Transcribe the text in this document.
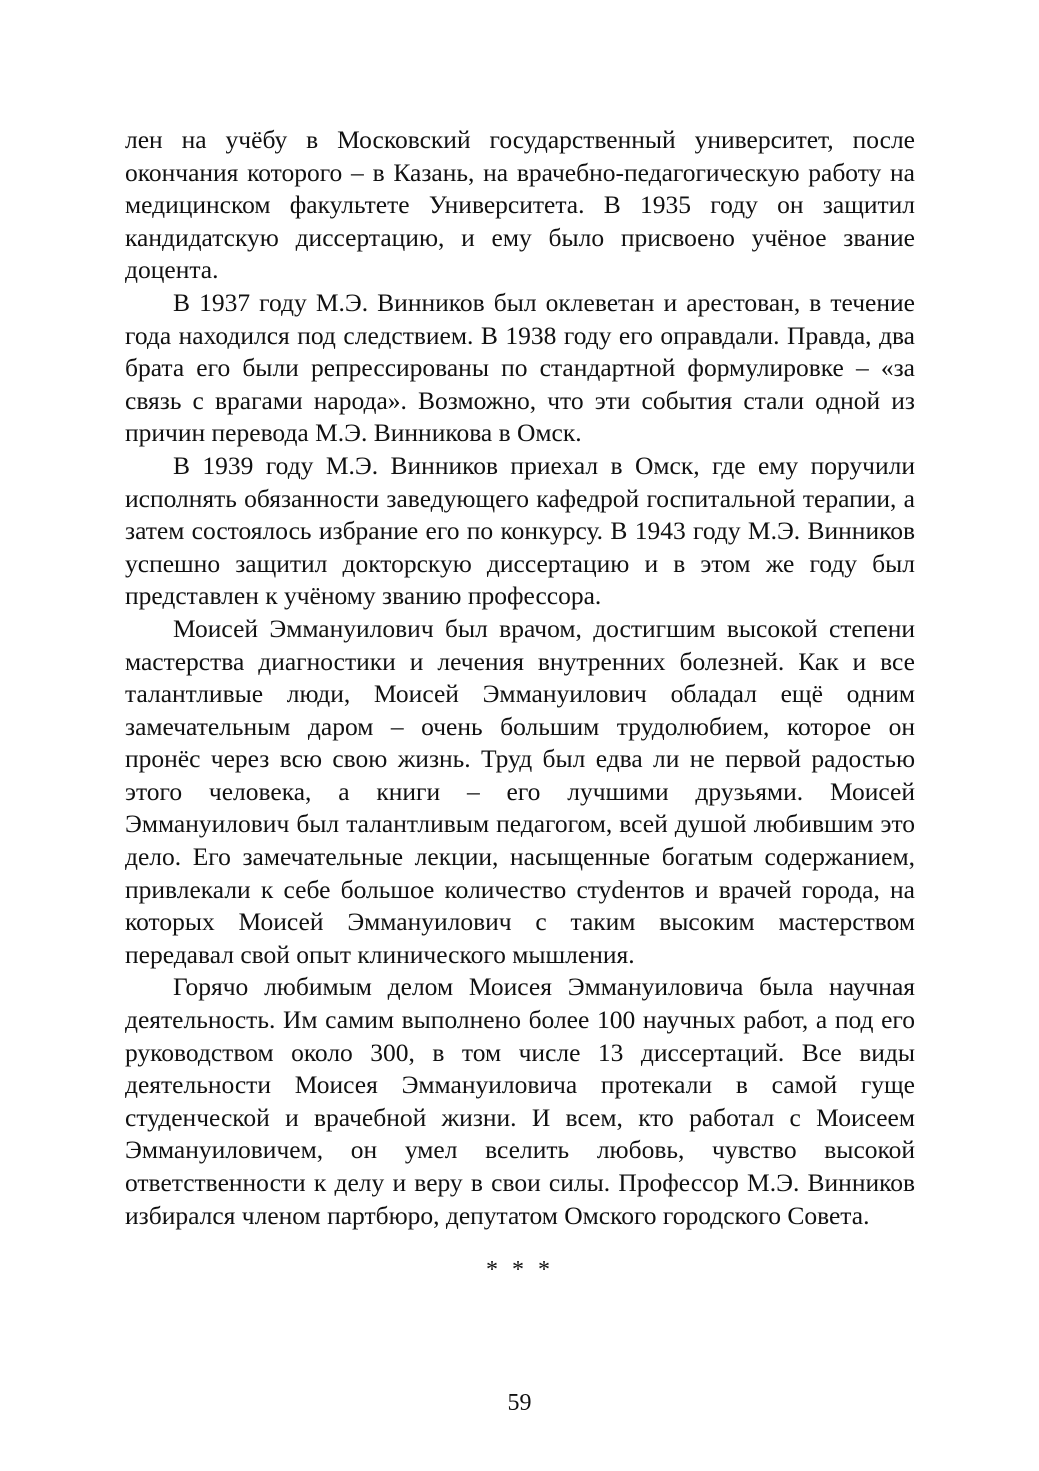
лен на учёбу в Московский государственный университет, после окончания которого – в Казань, на врачебно-педагогическую работу на медицинском факультете Университета. В 1935 году он защитил кандидатскую диссертацию, и ему было присвоено учёное звание доцента.

В 1937 году М.Э. Винников был оклеветан и арестован, в течение года находился под следствием. В 1938 году его оправдали. Правда, два брата его были репрессированы по стандартной формулировке – «за связь с врагами народа». Возможно, что эти события стали одной из причин перевода М.Э. Винникова в Омск.

В 1939 году М.Э. Винников приехал в Омск, где ему поручили исполнять обязанности заведующего кафедрой госпитальной терапии, а затем состоялось избрание его по конкурсу. В 1943 году М.Э. Винников успешно защитил докторскую диссертацию и в этом же году был представлен к учёному званию профессора.

Моисей Эммануилович был врачом, достигшим высокой степени мастерства диагностики и лечения внутренних болезней. Как и все талантливые люди, Моисей Эммануилович обладал ещё одним замечательным даром – очень большим трудолюбием, которое он пронёс через всю свою жизнь. Труд был едва ли не первой радостью этого человека, а книги – его лучшими друзьями. Моисей Эммануилович был талантливым педагогом, всей душой любившим это дело. Его замечательные лекции, насыщенные богатым содержанием, привлекали к себе большое количество стуdентов и врачей города, на которых Моисей Эммануилович с таким высоким мастерством передавал свой опыт клинического мышления.

Горячо любимым делом Моисея Эммануиловича была научная деятельность. Им самим выполнено более 100 научных работ, а под его руководством около 300, в том числе 13 диссертаций. Все виды деятельности Моисея Эммануиловича протекали в самой гуще студенческой и врачебной жизни. И всем, кто работал с Моисеем Эммануиловичем, он умел вселить любовь, чувство высокой ответственности к делу и веру в свои силы. Профессор М.Э. Винников избирался членом партбюро, депутатом Омского городского Совета.

* * *
59
